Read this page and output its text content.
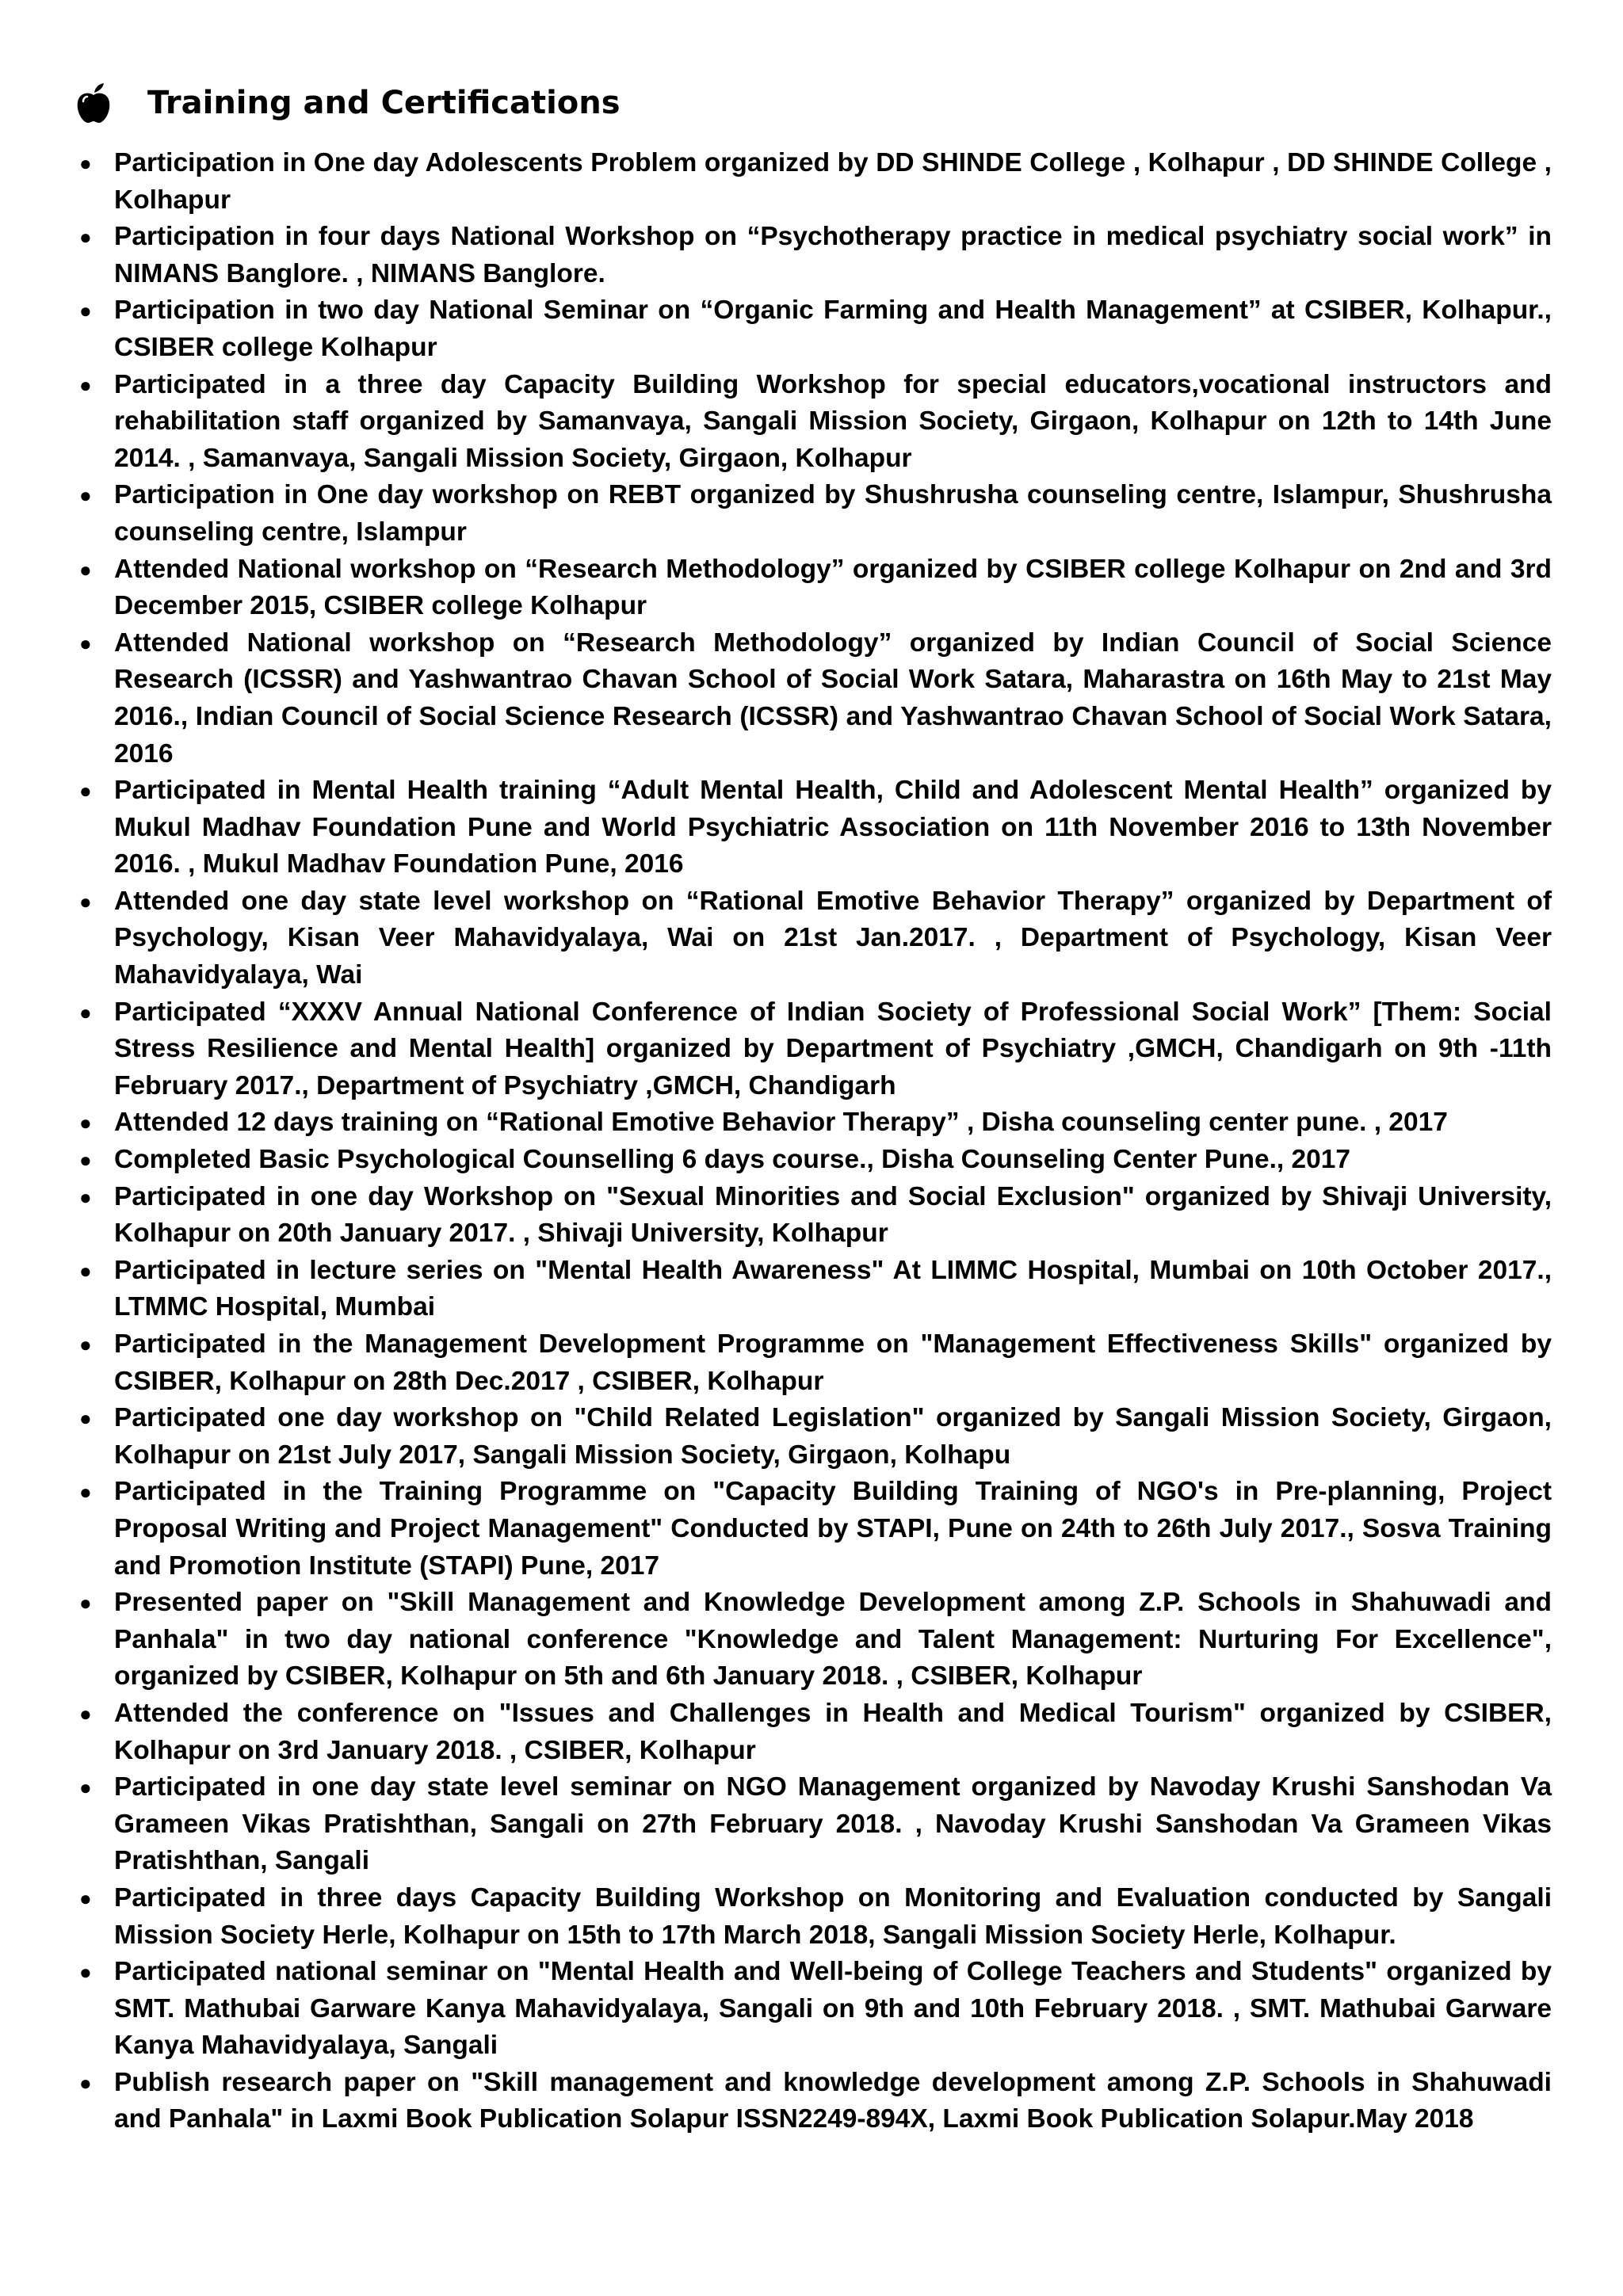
Training and Certifications
● Participation in One day Adolescents Problem organized by DD SHINDE College , Kolhapur , DD SHINDE College , Kolhapur
● Participation in four days National Workshop on “Psychotherapy practice in medical psychiatry social work” in NIMANS Banglore. , NIMANS Banglore.
● Participation in two day National Seminar on “Organic Farming and Health Management” at CSIBER, Kolhapur., CSIBER college Kolhapur
● Participated in a three day Capacity Building Workshop for special educators,vocational instructors and rehabilitation staff organized by Samanvaya, Sangali Mission Society, Girgaon, Kolhapur on 12th to 14th June 2014. , Samanvaya, Sangali Mission Society, Girgaon, Kolhapur
● Participation in One day workshop on REBT organized by Shushrusha counseling centre, Islampur, Shushrusha counseling centre, Islampur
● Attended National workshop on “Research Methodology” organized by CSIBER college Kolhapur on 2nd and 3rd December 2015, CSIBER college Kolhapur
● Attended National workshop on “Research Methodology” organized by Indian Council of Social Science Research (ICSSR) and Yashwantrao Chavan School of Social Work Satara, Maharastra on 16th May to 21st May 2016., Indian Council of Social Science Research (ICSSR) and Yashwantrao Chavan School of Social Work Satara, 2016
● Participated in Mental Health training “Adult Mental Health, Child and Adolescent Mental Health” organized by Mukul Madhav Foundation Pune and World Psychiatric Association on 11th November 2016 to 13th November 2016. , Mukul Madhav Foundation Pune, 2016
● Attended one day state level workshop on “Rational Emotive Behavior Therapy” organized by Department of Psychology, Kisan Veer Mahavidyalaya, Wai on 21st Jan.2017. , Department of Psychology, Kisan Veer Mahavidyalaya, Wai
● Participated “XXXV Annual National Conference of Indian Society of Professional Social Work” [Them: Social Stress Resilience and Mental Health] organized by Department of Psychiatry ,GMCH, Chandigarh on 9th -11th February 2017., Department of Psychiatry ,GMCH, Chandigarh
● Attended 12 days training on “Rational Emotive Behavior Therapy” , Disha counseling center pune. , 2017
● Completed Basic Psychological Counselling 6 days course., Disha Counseling Center Pune., 2017
● Participated in one day Workshop on "Sexual Minorities and Social Exclusion" organized by Shivaji University, Kolhapur on 20th January 2017. , Shivaji University, Kolhapur
● Participated in lecture series on "Mental Health Awareness" At LIMMC Hospital, Mumbai on 10th October 2017., LTMMC Hospital, Mumbai
● Participated in the Management Development Programme on "Management Effectiveness Skills" organized by CSIBER, Kolhapur on 28th Dec.2017 , CSIBER, Kolhapur
● Participated one day workshop on "Child Related Legislation" organized by Sangali Mission Society, Girgaon, Kolhapur on 21st July 2017, Sangali Mission Society, Girgaon, Kolhapu
● Participated in the Training Programme on "Capacity Building Training of NGO's in Pre-planning, Project Proposal Writing and Project Management" Conducted by STAPI, Pune on 24th to 26th July 2017., Sosva Training and Promotion Institute (STAPI) Pune, 2017
● Presented paper on "Skill Management and Knowledge Development among Z.P. Schools in Shahuwadi and Panhala" in two day national conference "Knowledge and Talent Management: Nurturing For Excellence", organized by CSIBER, Kolhapur on 5th and 6th January 2018. , CSIBER, Kolhapur
● Attended the conference on "Issues and Challenges in Health and Medical Tourism" organized by CSIBER, Kolhapur on 3rd January 2018. , CSIBER, Kolhapur
● Participated in one day state level seminar on NGO Management organized by Navoday Krushi Sanshodan Va Grameen Vikas Pratishthan, Sangali on 27th February 2018. , Navoday Krushi Sanshodan Va Grameen Vikas Pratishthan, Sangali
● Participated in three days Capacity Building Workshop on Monitoring and Evaluation conducted by Sangali Mission Society Herle, Kolhapur on 15th to 17th March 2018, Sangali Mission Society Herle, Kolhapur.
● Participated national seminar on "Mental Health and Well-being of College Teachers and Students" organized by SMT. Mathubai Garware Kanya Mahavidyalaya, Sangali on 9th and 10th February 2018. , SMT. Mathubai Garware Kanya Mahavidyalaya, Sangali
● Publish research paper on "Skill management and knowledge development among Z.P. Schools in Shahuwadi and Panhala" in Laxmi Book Publication Solapur ISSN2249-894X, Laxmi Book Publication Solapur.May 2018
